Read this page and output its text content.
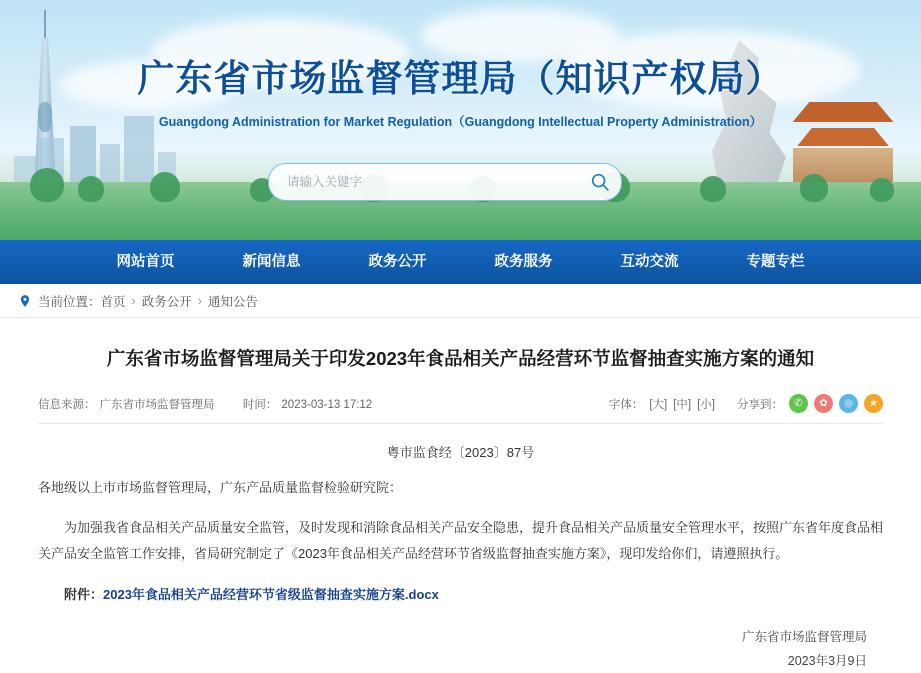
广东省市场监督管理局（知识产权局）
Guangdong Administration for Market Regulation（Guangdong Intellectual Property Administration）
请输入关键字
网站首页	新闻信息	政务公开	政务服务	互动交流	专题专栏
当前位置： 首页 › 政务公开 › 通知公告
广东省市场监督管理局关于印发2023年食品相关产品经营环节监督抽查实施方案的通知
信息来源： 广东省市场监督管理局 时间： 2023-03-13 17:12	字体： [大] [中] [小] 分享到：	✆	✿	◎	★
粤市监食经〔2023〕87号

各地级以上市市场监督管理局，广东产品质量监督检验研究院：

为加强我省食品相关产品质量安全监管，及时发现和消除食品相关产品安全隐患，提升食品相关产品质量安全管理水平，按照广东省年度食品相关产品安全监管工作安排，省局研究制定了《2023年食品相关产品经营环节省级监督抽查实施方案》，现印发给你们，请遵照执行。

附件：2023年食品相关产品经营环节省级监督抽查实施方案.docx
广东省市场监督管理局
2023年3月9日
